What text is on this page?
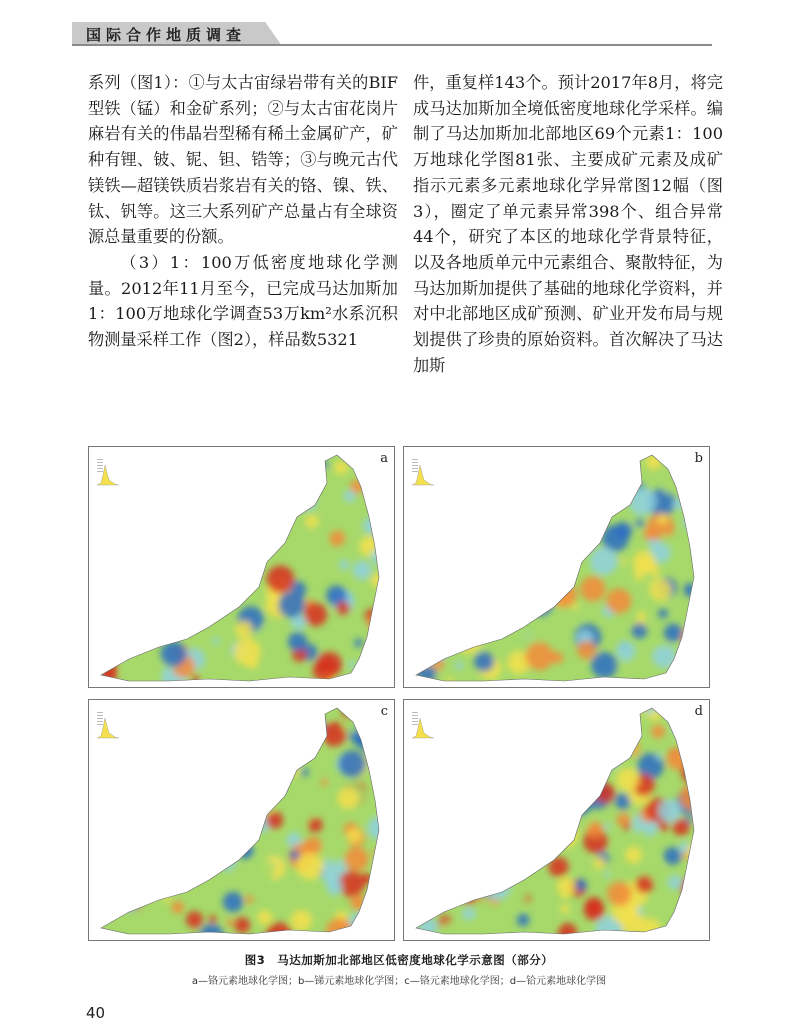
国际合作地质调查

系列（图1）：①与太古宙绿岩带有关的BIF型铁（锰）和金矿系列；②与太古宙花岗片麻岩有关的伟晶岩型稀有稀土金属矿产，矿种有锂、铍、铌、钽、锆等；③与晚元古代镁铁—超镁铁质岩浆岩有关的铬、镍、铁、钛、钒等。这三大系列矿产总量占有全球资源总量重要的份额。

（3）1：100万低密度地球化学测量。2012年11月至今，已完成马达加斯加1：100万地球化学调查53万km²水系沉积物测量采样工作（图2），样品数5321

件，重复样143个。预计2017年8月，将完成马达加斯加全境低密度地球化学采样。编制了马达加斯加北部地区69个元素1：100万地球化学图81张、主要成矿元素及成矿指示元素多元素地球化学异常图12幅（图3），圈定了单元素异常398个、组合异常44个，研究了本区的地球化学背景特征，以及各地质单元中元素组合、聚散特征，为马达加斯加提供了基础的地球化学资料，并对中北部地区成矿预测、矿业开发布局与规划提供了珍贵的原始资料。首次解决了马达加斯

a	b
c	d
图3　马达加斯加北部地区低密度地球化学示意图（部分）
a—铬元素地球化学图；b—锑元素地球化学图；c—铬元素地球化学图；d—铪元素地球化学图
40
